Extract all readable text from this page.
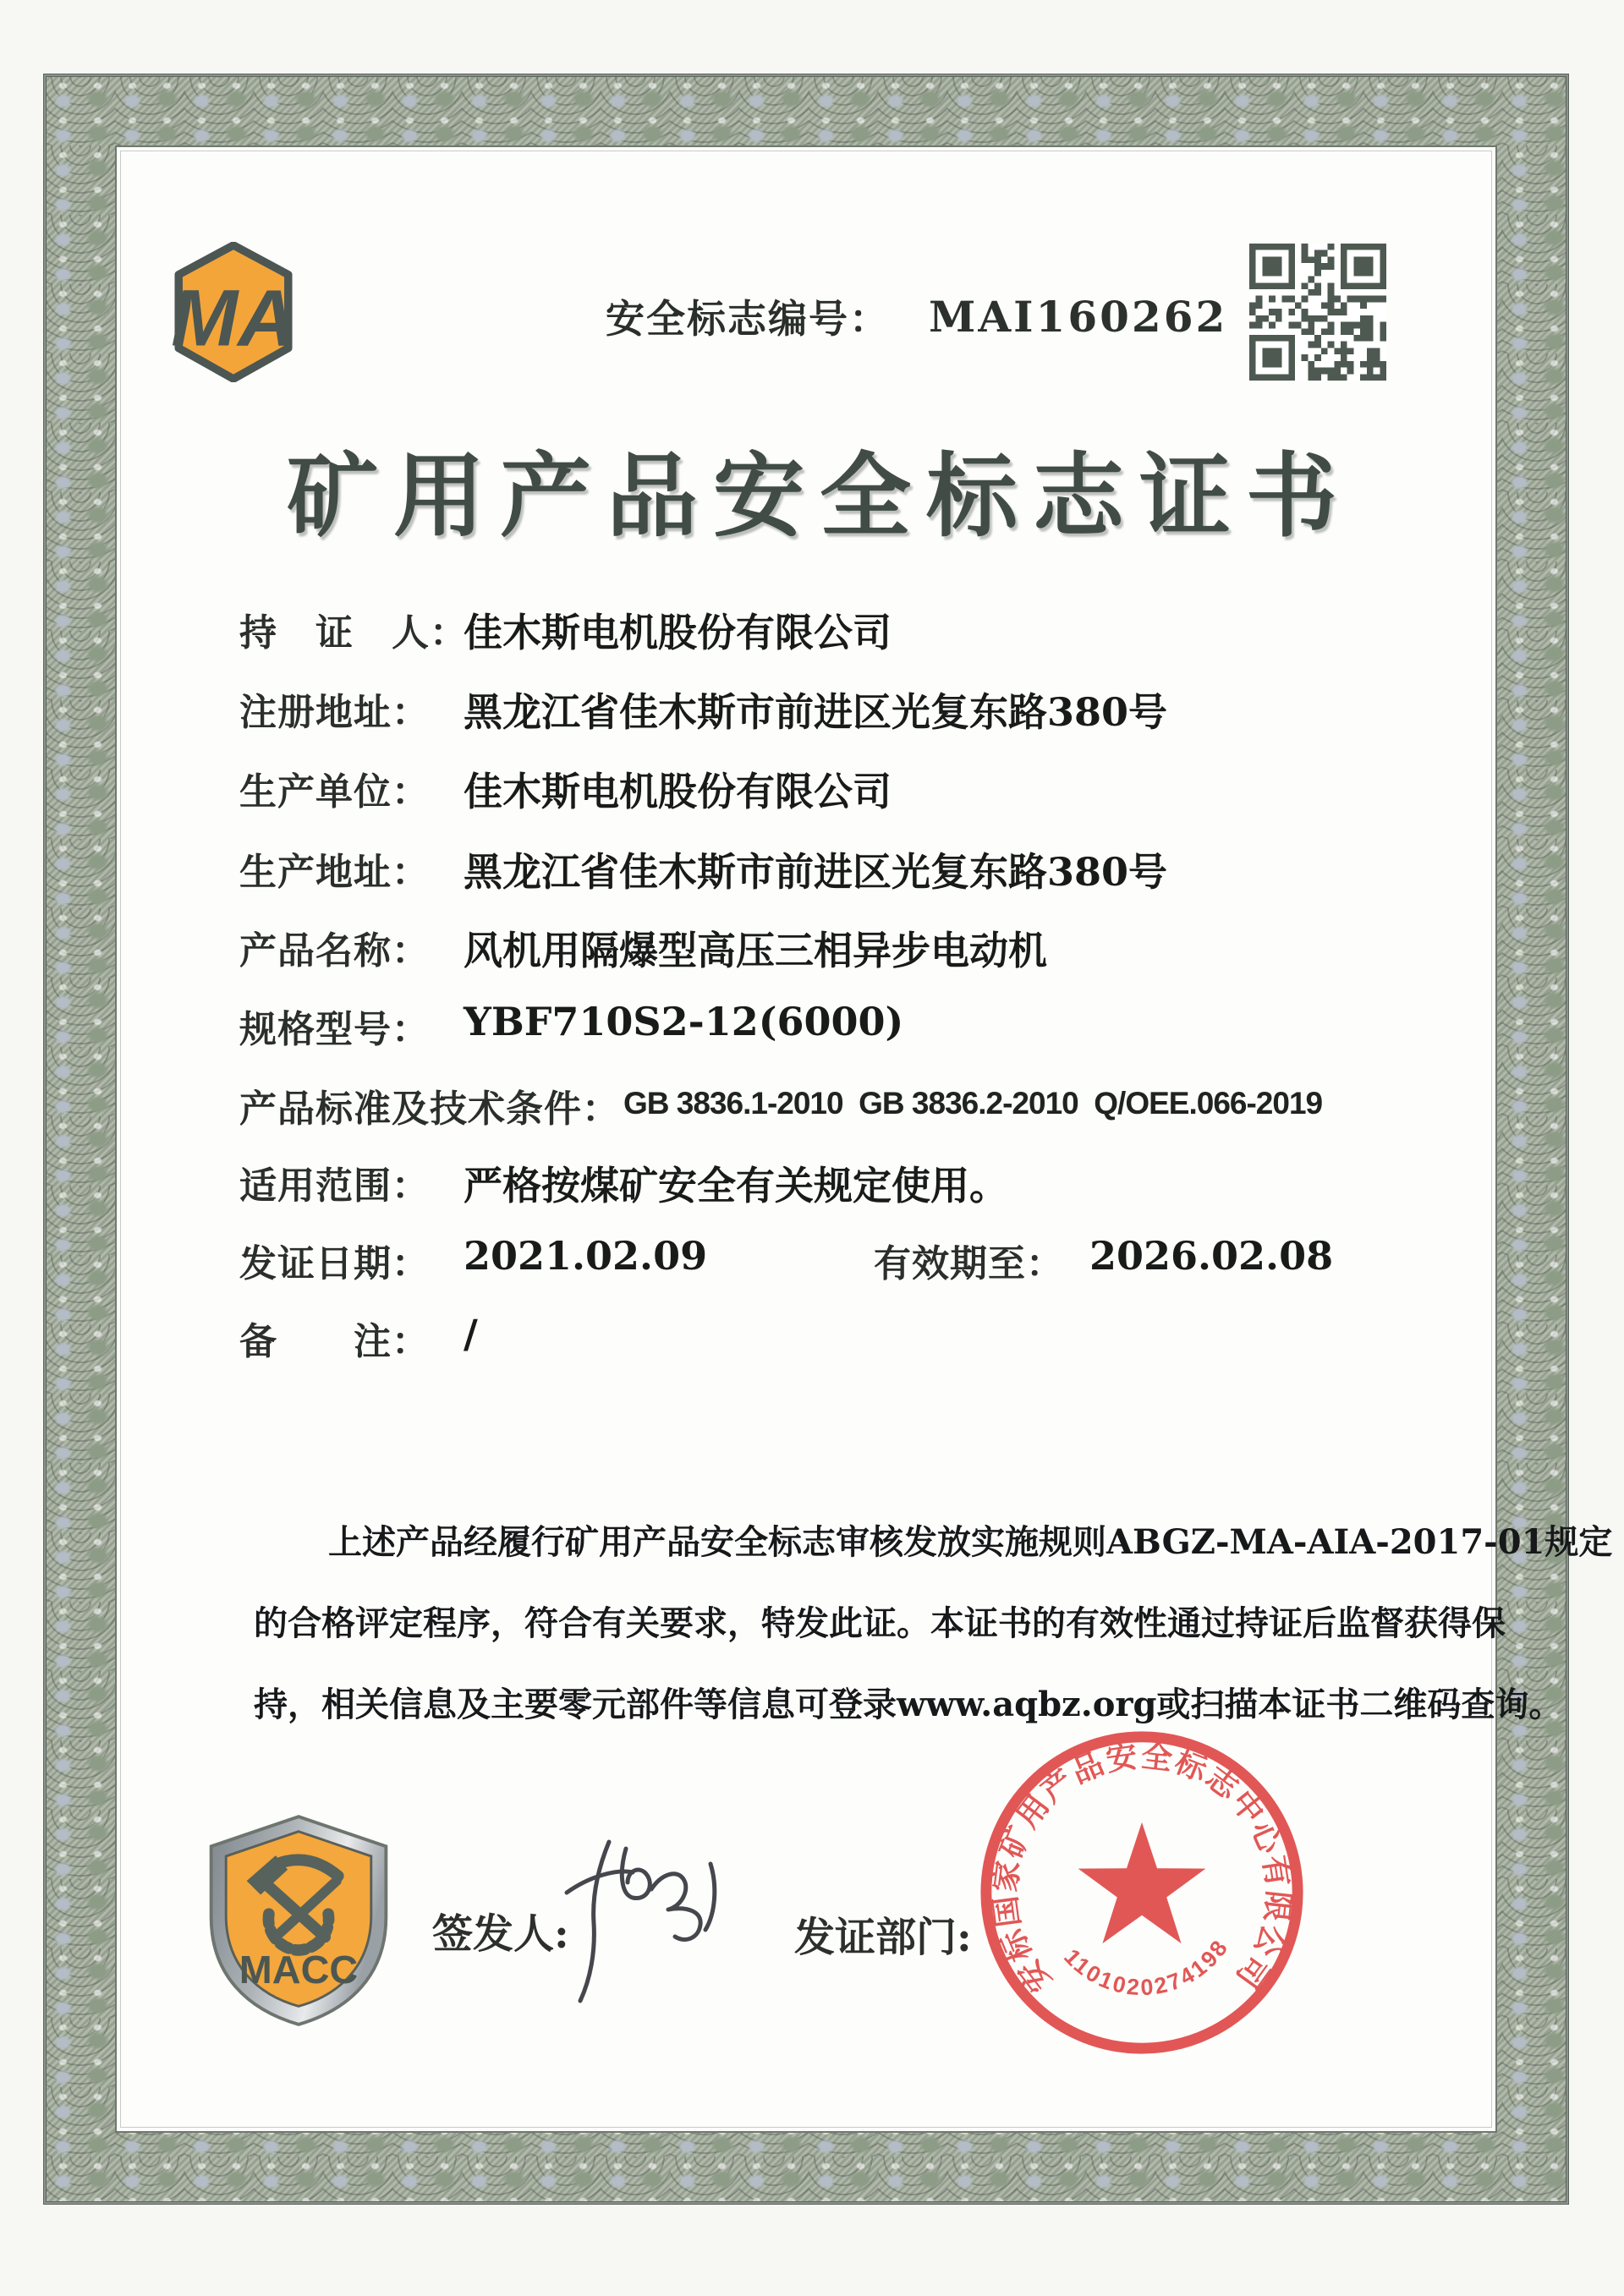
MA	安全标志编号： MAI160262
矿用产品安全标志证书
持　证　人：
佳木斯电机股份有限公司
注册地址： 黑龙江省佳木斯市前进区光复东路380号
生产单位： 佳木斯电机股份有限公司
生产地址： 黑龙江省佳木斯市前进区光复东路380号
产品名称： 风机用隔爆型高压三相异步电动机
规格型号： YBF710S2-12(6000)
产品标准及技术条件： GB 3836.1-2010  GB 3836.2-2010  Q/OEE.066-2019
适用范围： 严格按煤矿安全有关规定使用。
发证日期： 2021.02.09	有效期至： 2026.02.08
备　　注： /
上述产品经履行矿用产品安全标志审核发放实施规则ABGZ-MA-AIA-2017-01规定
的合格评定程序，符合有关要求，特发此证。本证书的有效性通过持证后监督获得保
持，相关信息及主要零元部件等信息可登录www.aqbz.org或扫描本证书二维码查询。
MACC
签发人:	发证部门:
安标国家矿用产品安全标志中心有限公司
1101020274198
